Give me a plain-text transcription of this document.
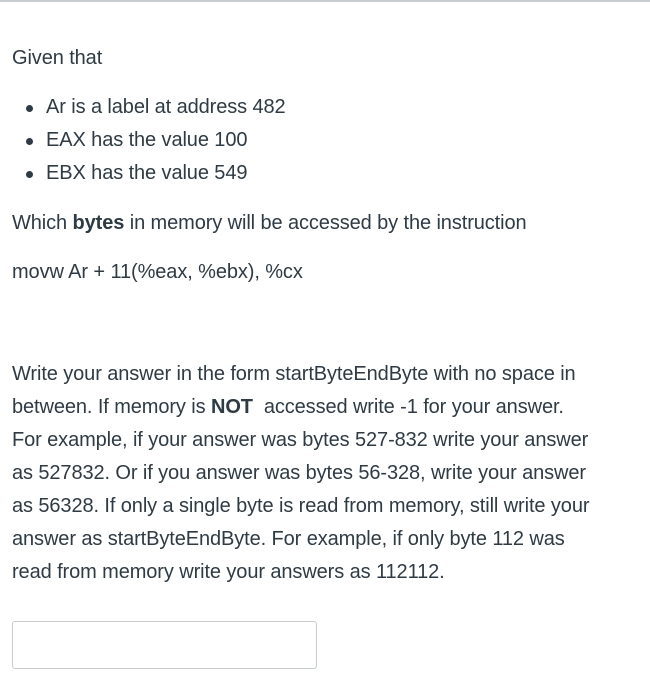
Given that

Ar is a label at address 482
EAX has the value 100
EBX has the value 549

Which bytes in memory will be accessed by the instruction

movw Ar + 11(%eax, %ebx), %cx

Write your answer in the form startByteEndByte with no space in
between. If memory is NOT  accessed write -1 for your answer.
For example, if your answer was bytes 527-832 write your answer
as 527832. Or if you answer was bytes 56-328, write your answer
as 56328. If only a single byte is read from memory, still write your
answer as startByteEndByte. For example, if only byte 112 was
read from memory write your answers as 112112.
